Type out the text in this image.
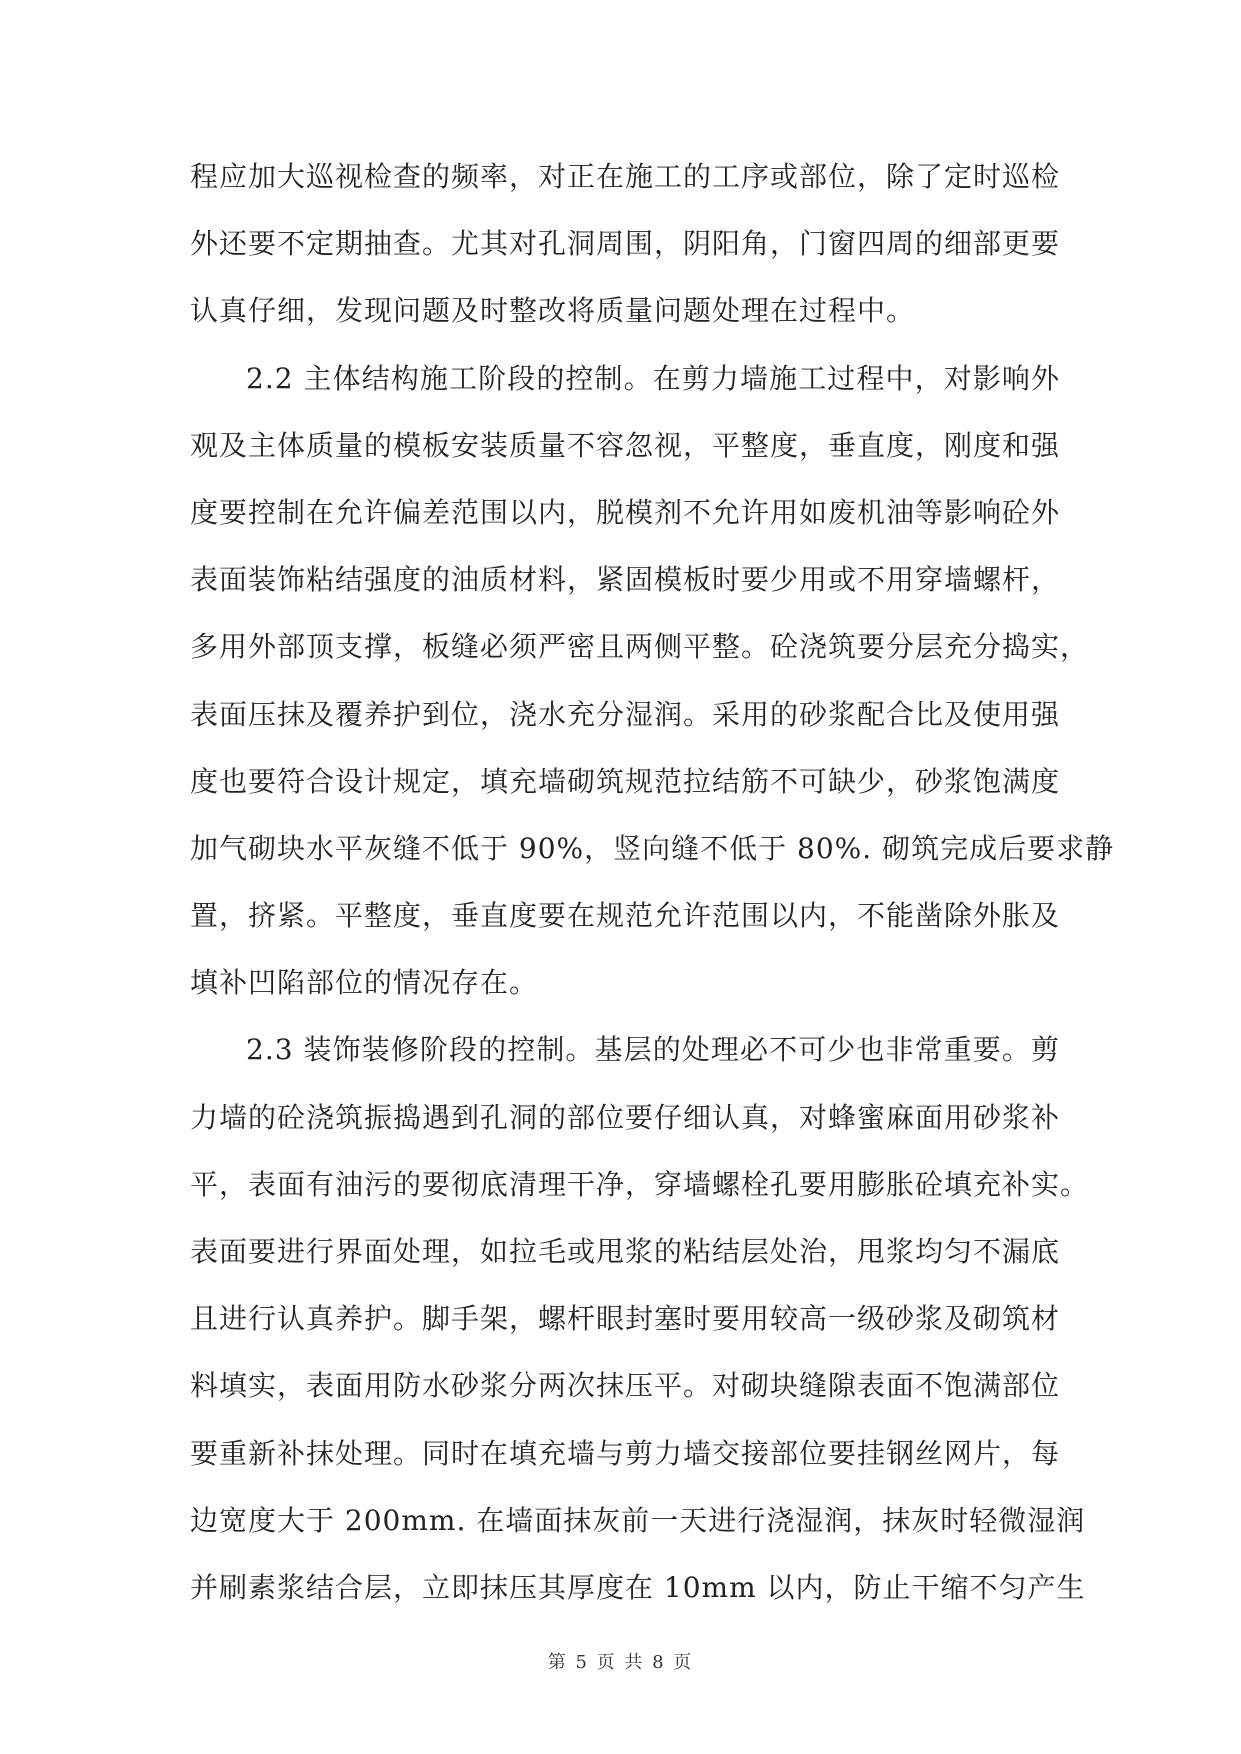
程应加大巡视检查的频率，对正在施工的工序或部位，除了定时巡检
外还要不定期抽查。尤其对孔洞周围，阴阳角，门窗四周的细部更要
认真仔细，发现问题及时整改将质量问题处理在过程中。
2.2 主体结构施工阶段的控制。在剪力墙施工过程中，对影响外
观及主体质量的模板安装质量不容忽视，平整度，垂直度，刚度和强
度要控制在允许偏差范围以内，脱模剂不允许用如废机油等影响砼外
表面装饰粘结强度的油质材料，紧固模板时要少用或不用穿墙螺杆，
多用外部顶支撑，板缝必须严密且两侧平整。砼浇筑要分层充分捣实，
表面压抹及覆养护到位，浇水充分湿润。采用的砂浆配合比及使用强
度也要符合设计规定，填充墙砌筑规范拉结筋不可缺少，砂浆饱满度
加气砌块水平灰缝不低于 90%，竖向缝不低于 80%. 砌筑完成后要求静
置，挤紧。平整度，垂直度要在规范允许范围以内，不能凿除外胀及
填补凹陷部位的情况存在。
2.3 装饰装修阶段的控制。基层的处理必不可少也非常重要。剪
力墙的砼浇筑振捣遇到孔洞的部位要仔细认真，对蜂蜜麻面用砂浆补
平，表面有油污的要彻底清理干净，穿墙螺栓孔要用膨胀砼填充补实。
表面要进行界面处理，如拉毛或甩浆的粘结层处治，甩浆均匀不漏底
且进行认真养护。脚手架，螺杆眼封塞时要用较高一级砂浆及砌筑材
料填实，表面用防水砂浆分两次抹压平。对砌块缝隙表面不饱满部位
要重新补抹处理。同时在填充墙与剪力墙交接部位要挂钢丝网片，每
边宽度大于 200mm. 在墙面抹灰前一天进行浇湿润，抹灰时轻微湿润
并刷素浆结合层，立即抹压其厚度在 10mm 以内，防止干缩不匀产生
第 5 页 共 8 页
